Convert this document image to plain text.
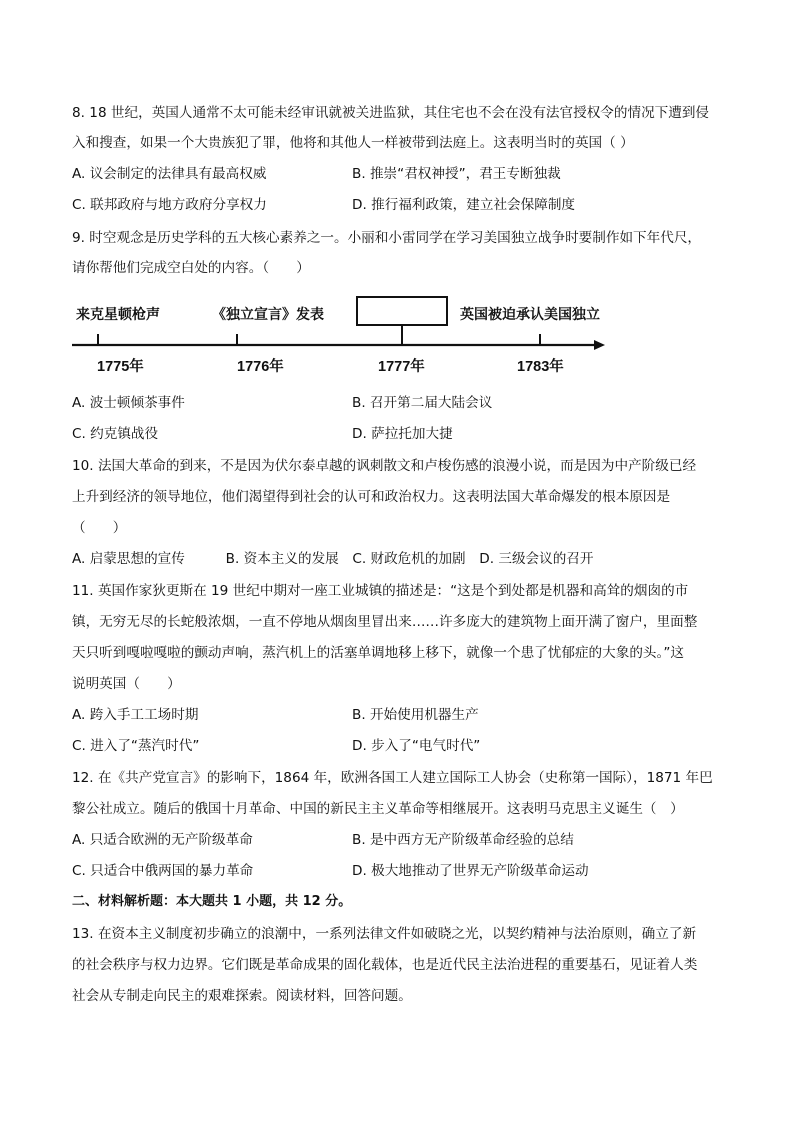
8. 18 世纪，英国人通常不太可能未经审讯就被关进监狱，其住宅也不会在没有法官授权令的情况下遭到侵
入和搜查，如果一个大贵族犯了罪，他将和其他人一样被带到法庭上。这表明当时的英国（ ）
A. 议会制定的法律具有最高权威	B. 推崇“君权神授”，君王专断独裁
C. 联邦政府与地方政府分享权力	D. 推行福利政策，建立社会保障制度
9. 时空观念是历史学科的五大核心素养之一。小丽和小雷同学在学习美国独立战争时要制作如下年代尺，
请你帮他们完成空白处的内容。（　　）
来克星顿枪声	《独立宣言》发表	英国被迫承认美国独立
1775年	1776年	1777年	1783年
A. 波士顿倾茶事件	B. 召开第二届大陆会议
C. 约克镇战役	D. 萨拉托加大捷
10. 法国大革命的到来，不是因为伏尔泰卓越的讽刺散文和卢梭伤感的浪漫小说，而是因为中产阶级已经
上升到经济的领导地位，他们渴望得到社会的认可和政治权力。这表明法国大革命爆发的根本原因是
（　　）
A. 启蒙思想的宣传　　　B. 资本主义的发展　C. 财政危机的加剧　D. 三级会议的召开
11. 英国作家狄更斯在 19 世纪中期对一座工业城镇的描述是：“这是个到处都是机器和高耸的烟囱的市
镇，无穷无尽的长蛇般浓烟，一直不停地从烟囱里冒出来……许多庞大的建筑物上面开满了窗户，里面整
天只听到嘎啦嘎啦的颤动声响，蒸汽机上的活塞单调地移上移下，就像一个患了忧郁症的大象的头。”这
说明英国（　　）
A. 跨入手工工场时期	B. 开始使用机器生产
C. 进入了“蒸汽时代”	D. 步入了“电气时代”
12. 在《共产党宣言》的影响下，1864 年，欧洲各国工人建立国际工人协会（史称第一国际），1871 年巴
黎公社成立。随后的俄国十月革命、中国的新民主主义革命等相继展开。这表明马克思主义诞生（　）
A. 只适合欧洲的无产阶级革命	B. 是中西方无产阶级革命经验的总结
C. 只适合中俄两国的暴力革命	D. 极大地推动了世界无产阶级革命运动
二、材料解析题：本大题共 1 小题，共 12 分。
13. 在资本主义制度初步确立的浪潮中，一系列法律文件如破晓之光，以契约精神与法治原则，确立了新
的社会秩序与权力边界。它们既是革命成果的固化载体，也是近代民主法治进程的重要基石，见证着人类
社会从专制走向民主的艰难探索。阅读材料，回答问题。
